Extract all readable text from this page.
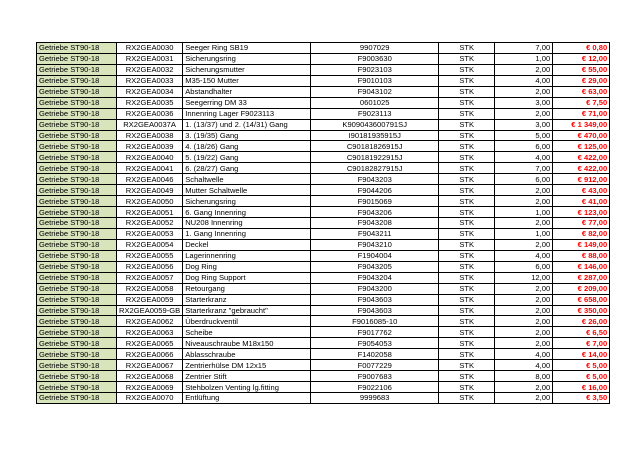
Getriebe ST90-18	RX2GEA0030	Seeger Ring SB19	9907029	STK	7,00	€ 0,80
Getriebe ST90-18	RX2GEA0031	Sicherungsring	F9003630	STK	1,00	€ 12,00
Getriebe ST90-18	RX2GEA0032	Sicherungsmutter	F9023103	STK	2,00	€ 55,00
Getriebe ST90-18	RX2GEA0033	M35-150 Mutter	F9010103	STK	4,00	€ 29,00
Getriebe ST90-18	RX2GEA0034	Abstandhalter	F9043102	STK	2,00	€ 63,00
Getriebe ST90-18	RX2GEA0035	Seegerring DM 33	0601025	STK	3,00	€ 7,50
Getriebe ST90-18	RX2GEA0036	Innenring Lager F9023113	F9023113	STK	2,00	€ 71,00
Getriebe ST90-18	RX2GEA0037A	1. (13/37) und 2. (14/31) Gang	K909043600791SJ	STK	3,00	€ 1 349,00
Getriebe ST90-18	RX2GEA0038	3. (19/35) Gang	I90181935915J	STK	5,00	€ 470,00
Getriebe ST90-18	RX2GEA0039	4. (18/26) Gang	C90181826915J	STK	6,00	€ 125,00
Getriebe ST90-18	RX2GEA0040	5. (19/22) Gang	C90181922915J	STK	4,00	€ 422,00
Getriebe ST90-18	RX2GEA0041	6. (28/27) Gang	C90182827915J	STK	7,00	€ 422,00
Getriebe ST90-18	RX2GEA0046	Schaltwelle	F9043203	STK	6,00	€ 912,00
Getriebe ST90-18	RX2GEA0049	Mutter Schaltwelle	F9044206	STK	2,00	€ 43,00
Getriebe ST90-18	RX2GEA0050	Sicherungsring	F9015069	STK	2,00	€ 41,00
Getriebe ST90-18	RX2GEA0051	6. Gang Innenring	F9043206	STK	1,00	€ 123,00
Getriebe ST90-18	RX2GEA0052	NU208 Innenring	F9043208	STK	2,00	€ 77,00
Getriebe ST90-18	RX2GEA0053	1. Gang Innenring	F9043211	STK	1,00	€ 82,00
Getriebe ST90-18	RX2GEA0054	Deckel	F9043210	STK	2,00	€ 149,00
Getriebe ST90-18	RX2GEA0055	Lagerinnenring	F1904004	STK	4,00	€ 88,00
Getriebe ST90-18	RX2GEA0056	Dog Ring	F9043205	STK	6,00	€ 146,00
Getriebe ST90-18	RX2GEA0057	Dog Ring Support	F9043204	STK	12,00	€ 287,00
Getriebe ST90-18	RX2GEA0058	Retourgang	F9043200	STK	2,00	€ 209,00
Getriebe ST90-18	RX2GEA0059	Starterkranz	F9043603	STK	2,00	€ 658,00
Getriebe ST90-18	RX2GEA0059-GB	Starterkranz "gebraucht"	F9043603	STK	2,00	€ 350,00
Getriebe ST90-18	RX2GEA0062	Überdruckventil	F9016085-10	STK	2,00	€ 26,00
Getriebe ST90-18	RX2GEA0063	Scheibe	F9017762	STK	2,00	€ 6,50
Getriebe ST90-18	RX2GEA0065	Niveauschraube M18x150	F9054053	STK	2,00	€ 7,00
Getriebe ST90-18	RX2GEA0066	Ablasschraube	F1402058	STK	4,00	€ 14,00
Getriebe ST90-18	RX2GEA0067	Zentrierhülse DM 12x15	F0077229	STK	4,00	€ 5,00
Getriebe ST90-18	RX2GEA0068	Zentrier Stift	F9007683	STK	8,00	€ 5,00
Getriebe ST90-18	RX2GEA0069	Stehbolzen Venting lg.fitting	F9022106	STK	2,00	€ 16,00
Getriebe ST90-18	RX2GEA0070	Entlüftung	9999683	STK	2,00	€ 3,50
